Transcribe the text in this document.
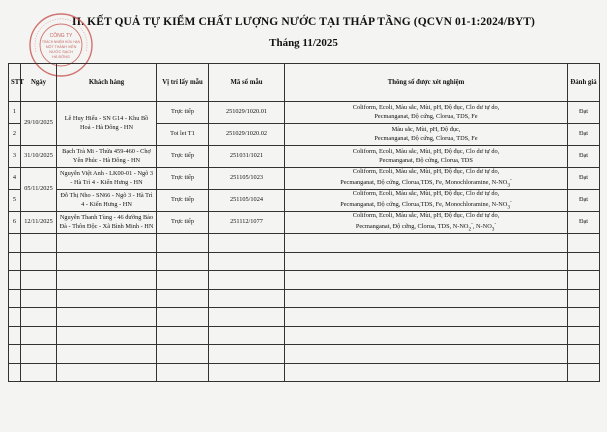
II. KẾT QUẢ TỰ KIỂM CHẤT LƯỢNG NƯỚC TẠI THÁP TẦNG (QCVN 01-1:2024/BYT)
Tháng 11/2025
CÔNG TY
TRÁCH NHIỆM HỮU HẠN
MỘT THÀNH VIÊN
NƯỚC SẠCH
HÀ ĐÔNG
STT	Ngày	Khách hàng	Vị trí lấy mẫu	Mã số mẫu	Thông số được xét nghiệm	Đánh giá
1	29/10/2025	Lê Huy Hiếu - SN G14 - Khu Bồ Hoả - Hà Đông - HN	Trực tiếp	251029/1020.01	Coliform, Ecoli, Màu sắc, Mùi, pH, Độ đục, Clo dư tự do,
Pecmanganat, Độ cứng, Clorua, TDS, Fe	Đạt
2			Toi let T1	251029/1020.02	Màu sắc, Mùi, pH, Độ đục,
Pecmanganat, Độ cứng, Clorua, TDS, Fe	Đạt
3	31/10/2025	Bạch Trà Mi - Thửa 459-460 - Chợ Yên Phúc - Hà Đông - HN	Trực tiếp	251031/1021	Coliform, Ecoli, Màu sắc, Mùi, pH, Độ đục, Clo dư tự do,
Pecmanganat, Độ cứng, Clorua, TDS	Đạt
4	05/11/2025	Nguyễn Việt Anh - LK00-01 - Ngõ 3 - Hà Trì 4 - Kiến Hưng - HN	Trực tiếp	251105/1023	Coliform, Ecoli, Màu sắc, Mùi, pH, Độ đục, Clo dư tự do,
Pecmanganat, Độ cứng, Clorua,TDS, Fe, Monochloramine, $N-NO_3^-$	Đạt
5		Đỗ Thị Nho - SN66 - Ngõ 3 - Hà Trì 4 - Kiến Hưng - HN	Trực tiếp	251105/1024	Coliform, Ecoli, Màu sắc, Mùi, pH, Độ đục, Clo dư tự do,
Pecmanganat, Độ cứng, Clorua,TDS, Fe, Monochloramine, $N-NO_3^-$	Đạt
6	12/11/2025	Nguyễn Thanh Tùng - 46 đường Bảo Đà - Thôn Độc - Xã Bình Minh - HN	Trực tiếp	251112/1077	Coliform, Ecoli, Màu sắc, Mùi, pH, Độ đục, Clo dư tự do,
Pecmanganat, Độ cứng, Clorua, TDS, $N-NO_2^-$, $N-NO_3^-$	Đạt
